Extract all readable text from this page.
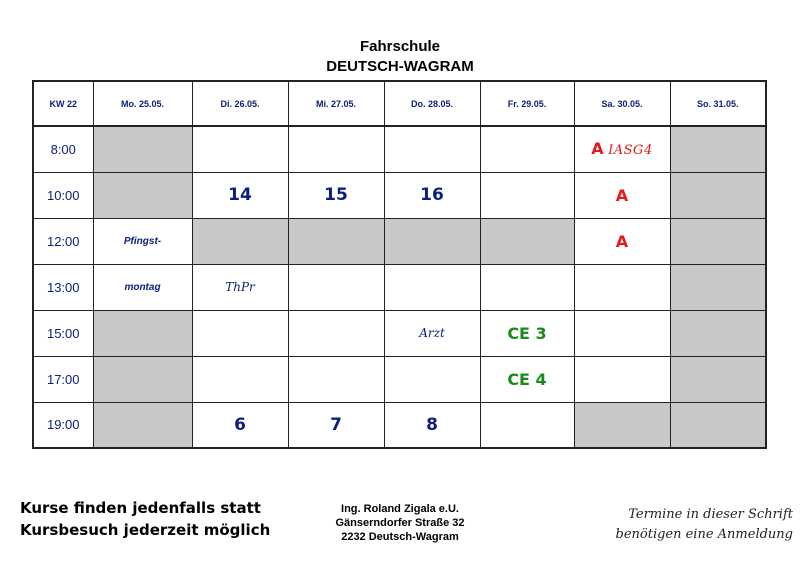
Fahrschule
DEUTSCH-WAGRAM
KW 22	Mo. 25.05.	Di. 26.05.	Mi. 27.05.	Do. 28.05.	Fr. 29.05.	Sa. 30.05.	So. 31.05.
8:00						A IASG4	
10:00		14	15	16		A	
12:00	Pfingst-					A	
13:00	montag	ThPr					
15:00				Arzt	CE 3		
17:00					CE 4		
19:00		6	7	8			
Kurse finden jedenfalls statt
Kursbesuch jederzeit möglich
Ing. Roland Zigala e.U.
Gänserndorfer Straße 32
2232 Deutsch-Wagram
Termine in dieser Schrift
benötigen eine Anmeldung
